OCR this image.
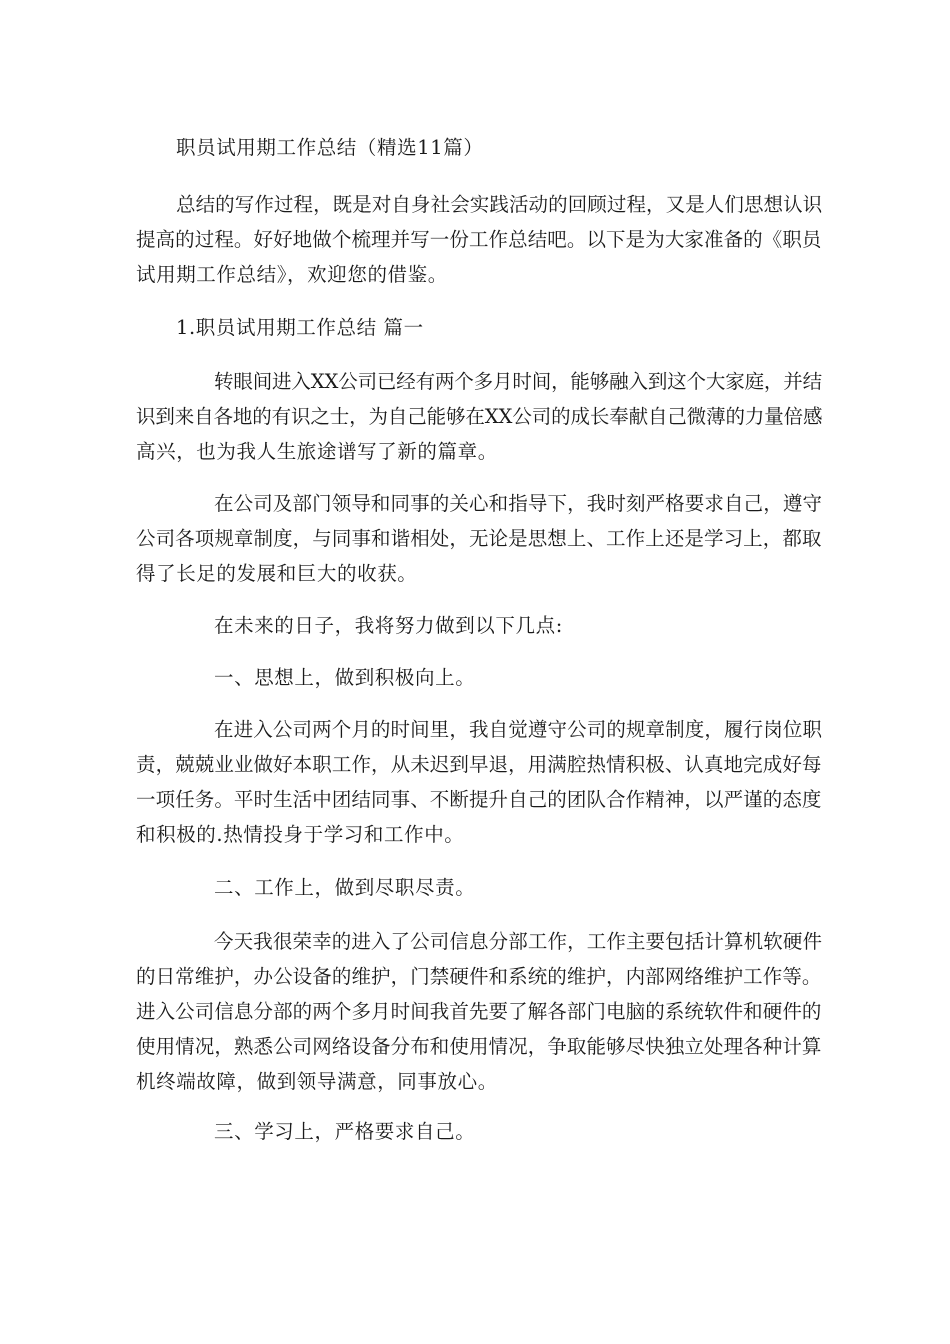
职员试用期工作总结（精选11篇）

总结的写作过程，既是对自身社会实践活动的回顾过程，又是人们思想认识

提高的过程。好好地做个梳理并写一份工作总结吧。以下是为大家准备的《职员

试用期工作总结》，欢迎您的借鉴。

1.职员试用期工作总结 篇一

转眼间进入XX公司已经有两个多月时间，能够融入到这个大家庭，并结

识到来自各地的有识之士，为自己能够在XX公司的成长奉献自己微薄的力量倍感

高兴，也为我人生旅途谱写了新的篇章。

在公司及部门领导和同事的关心和指导下，我时刻严格要求自己，遵守

公司各项规章制度，与同事和谐相处，无论是思想上、工作上还是学习上，都取

得了长足的发展和巨大的收获。

在未来的日子，我将努力做到以下几点:

一、思想上，做到积极向上。

在进入公司两个月的时间里，我自觉遵守公司的规章制度，履行岗位职

责，兢兢业业做好本职工作，从未迟到早退，用满腔热情积极、认真地完成好每

一项任务。平时生活中团结同事、不断提升自己的团队合作精神，以严谨的态度

和积极的.热情投身于学习和工作中。

二、工作上，做到尽职尽责。

今天我很荣幸的进入了公司信息分部工作，工作主要包括计算机软硬件

的日常维护，办公设备的维护，门禁硬件和系统的维护，内部网络维护工作等。

进入公司信息分部的两个多月时间我首先要了解各部门电脑的系统软件和硬件的

使用情况，熟悉公司网络设备分布和使用情况，争取能够尽快独立处理各种计算

机终端故障，做到领导满意，同事放心。

三、学习上，严格要求自己。
